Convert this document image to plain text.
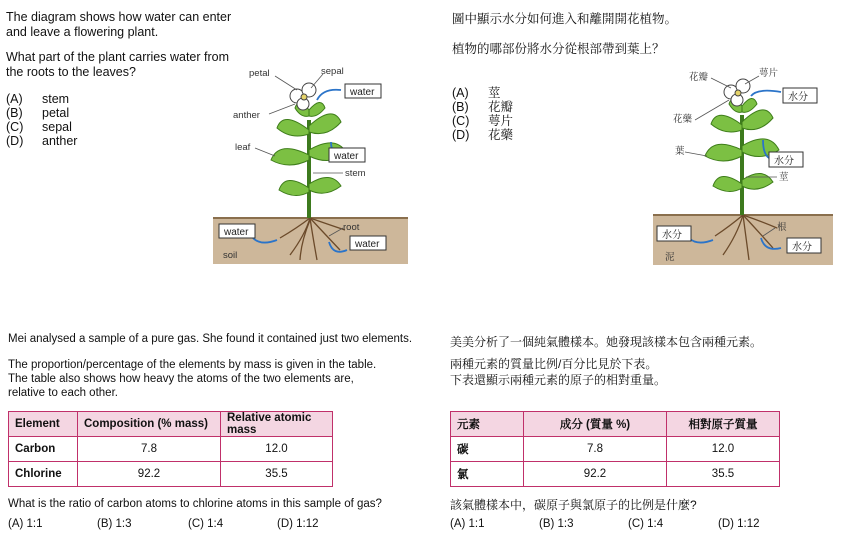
The diagram shows how water can enter
and leave a flowering plant.
What part of the plant carries water from
the roots to the leaves?
(A) stem
(B) petal
(C) sepal
(D) anther
petal	sepal
anther
leaf
stem
root
soil
water
water
water
water
圖中顯示水分如何進入和離開開花植物。
植物的哪部份將水分從根部帶到葉上？
(A) 莖
(B) 花瓣
(C) 萼片
(D) 花藥
花瓣	萼片
花藥
葉
莖
根
泥
水分
水分
水分
水分
Mei analysed a sample of a pure gas. She found it contained just two elements.
The proportion/percentage of the elements by mass is given in the table.
The table also shows how heavy the atoms of the two elements are,
relative to each other.
Element	Composition (% mass)	Relative atomic mass
Carbon	7.8	12.0
Chlorine	92.2	35.5
What is the ratio of carbon atoms to chlorine atoms in this sample of gas?
(A) 1:1	(B) 1:3	(C) 1:4	(D) 1:12
美美分析了一個純氣體樣本。她發現該樣本包含兩種元素。
兩種元素的質量比例/百分比見於下表。
下表還顯示兩種元素的原子的相對重量。
元素	成分 (質量 %)	相對原子質量
碳	7.8	12.0
氯	92.2	35.5
該氣體樣本中，碳原子與氯原子的比例是什麼?
(A) 1:1	(B) 1:3	(C) 1:4	(D) 1:12
